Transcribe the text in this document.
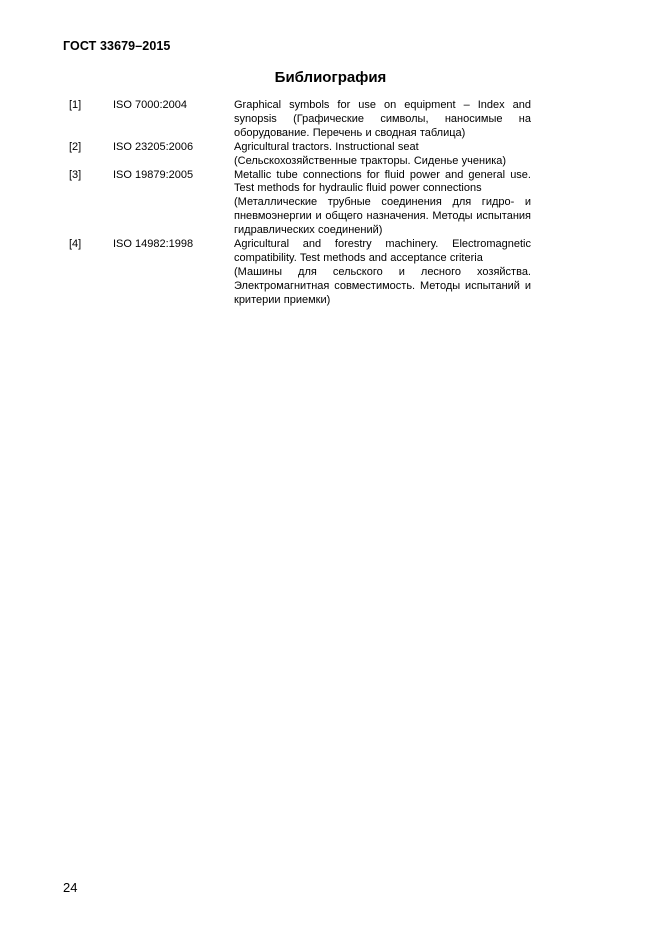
ГОСТ 33679–2015
Библиография
[1]	ISO 7000:2004	Graphical symbols for use on equipment – Index and synopsis (Графические символы, наносимые на оборудование. Перечень и сводная таблица)

[2]	ISO 23205:2006	Agricultural tractors. Instructional seat

(Сельскохозяйственные тракторы. Сиденье ученика)

[3]	ISO 19879:2005	Metallic tube connections for fluid power and general use. Test methods for hydraulic fluid power connections

(Металлические трубные соединения для гидро- и пневмоэнергии и общего назначения. Методы испытания гидравлических соединений)

[4]	ISO 14982:1998	Agricultural and forestry machinery. Electromagnetic compatibility. Test methods and acceptance criteria

(Машины для сельского и лесного хозяйства. Электромагнитная совместимость. Методы испытаний и критерии приемки)

24
